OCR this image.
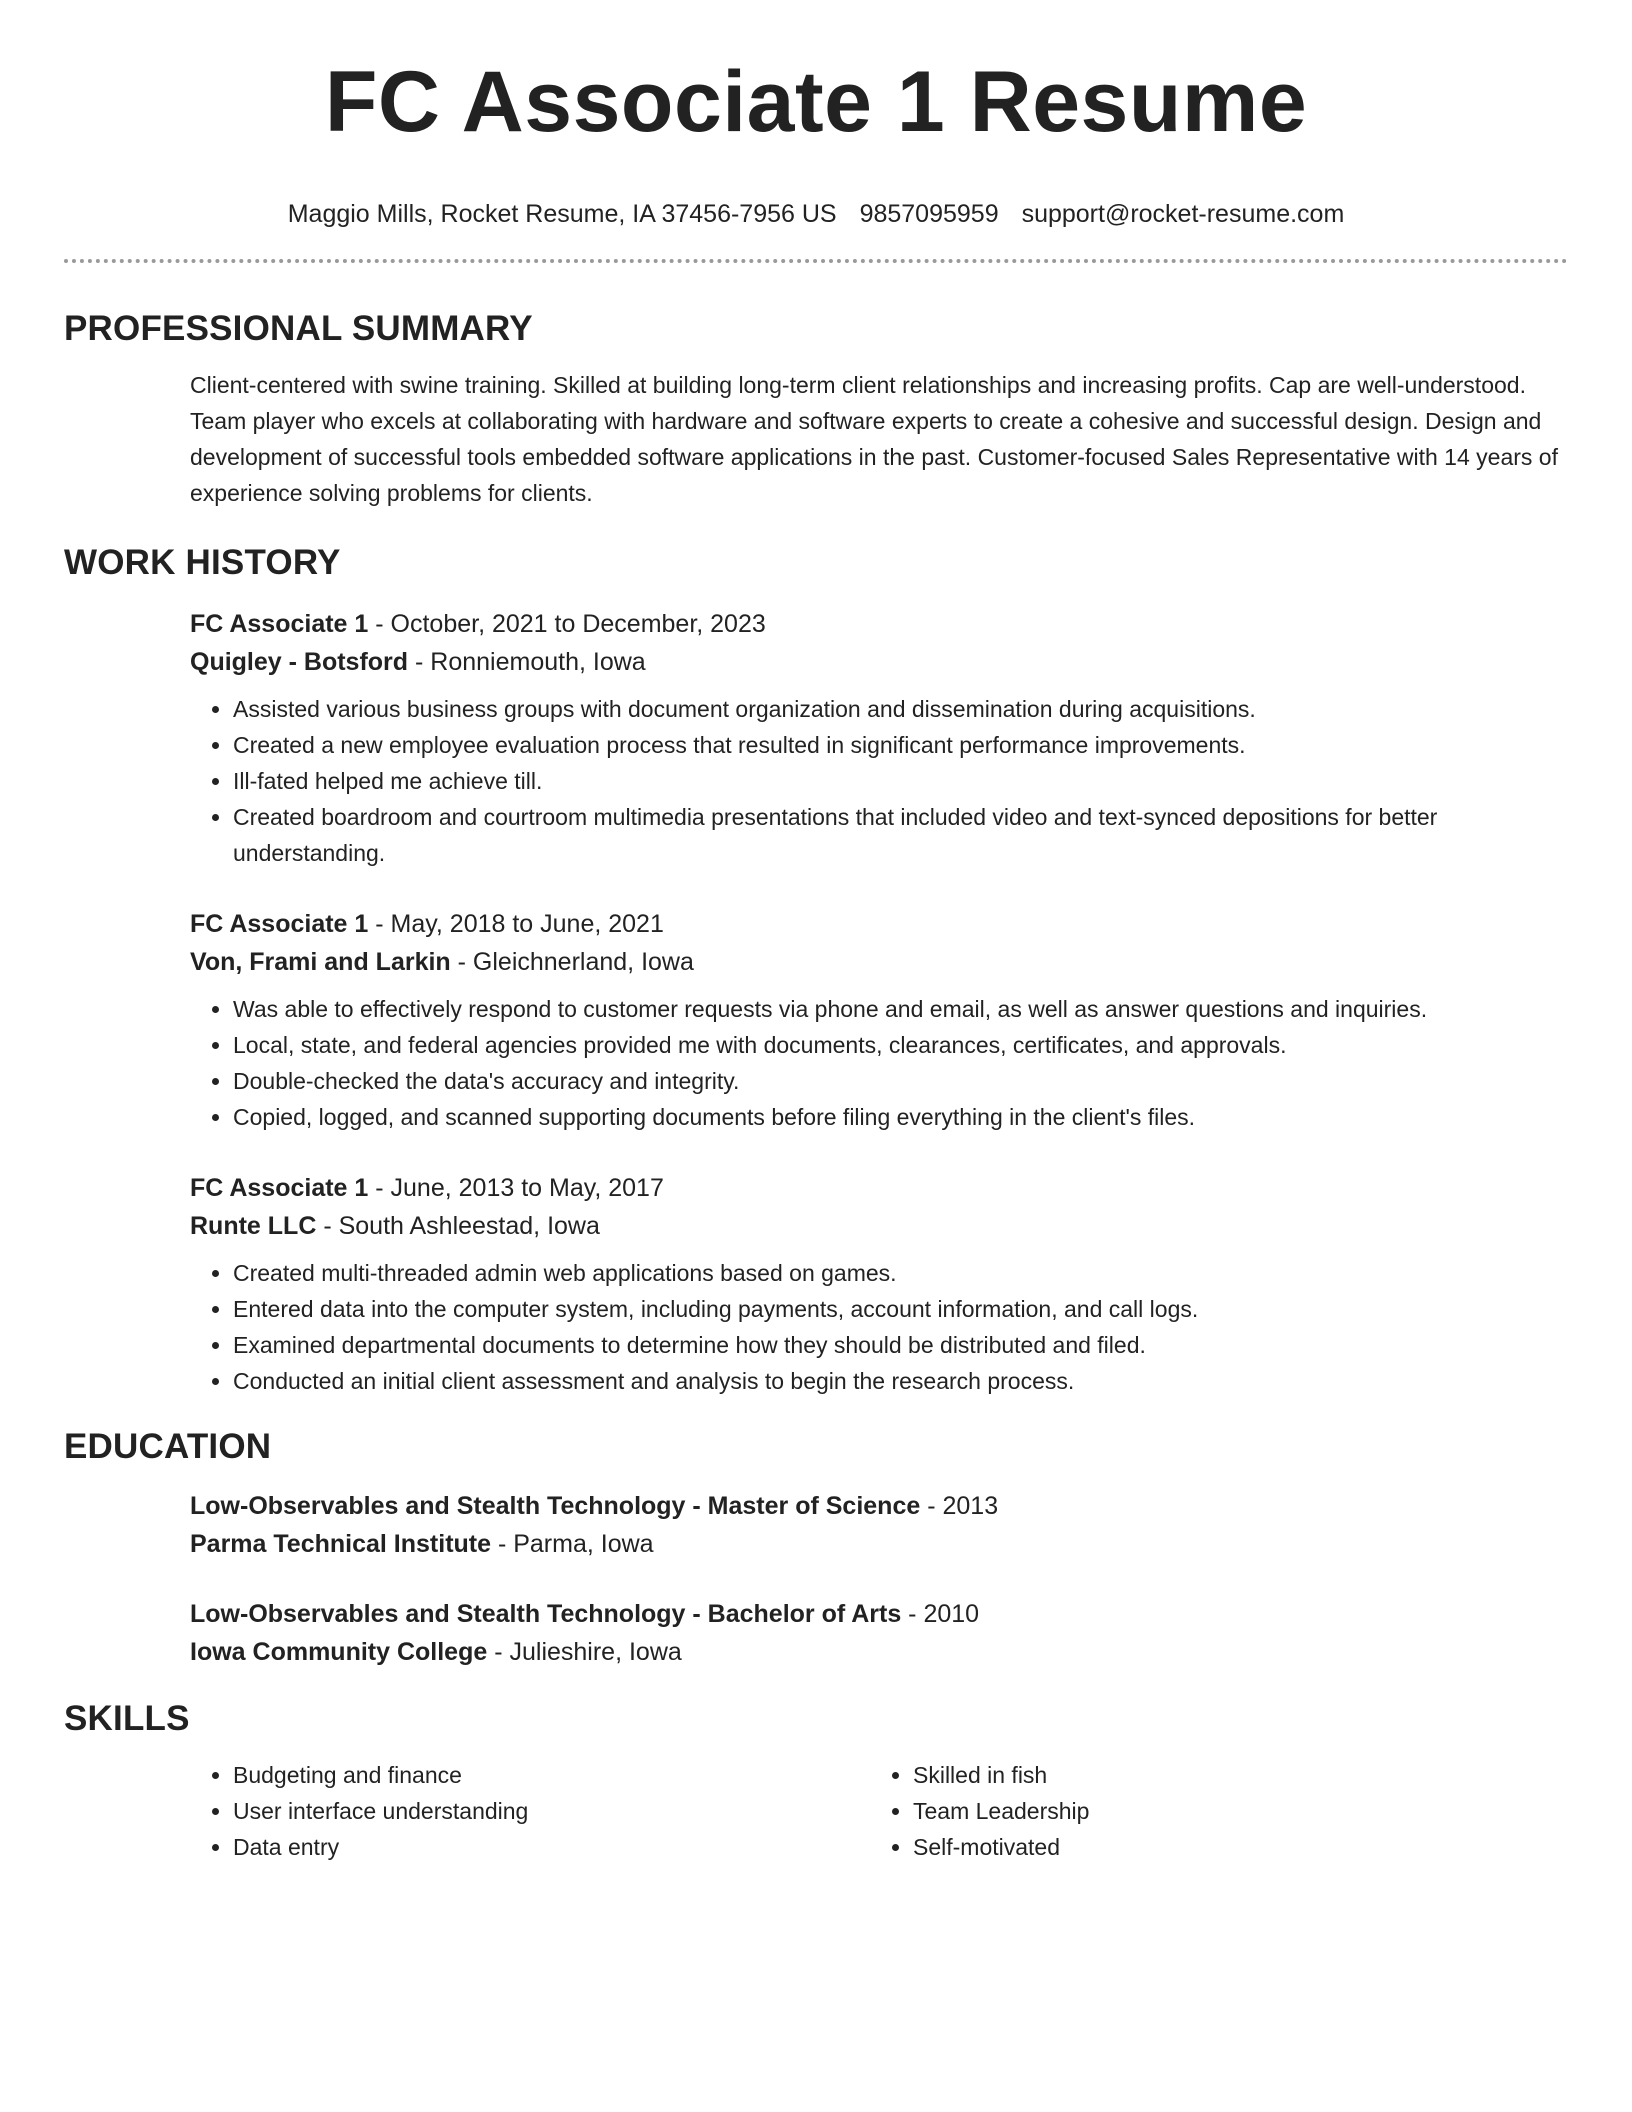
FC Associate 1 Resume
Maggio Mills, Rocket Resume, IA 37456-7956 US 9857095959 support@rocket-resume.com
PROFESSIONAL SUMMARY

Client-centered with swine training. Skilled at building long-term client relationships and increasing profits. Cap are well-understood. Team player who excels at collaborating with hardware and software experts to create a cohesive and successful design. Design and development of successful tools embedded software applications in the past. Customer-focused Sales Representative with 14 years of experience solving problems for clients.

WORK HISTORY

FC Associate 1 - October, 2021 to December, 2023

Quigley - Botsford - Ronniemouth, Iowa

• Assisted various business groups with document organization and dissemination during acquisitions.
• Created a new employee evaluation process that resulted in significant performance improvements.
• Ill-fated helped me achieve till.
• Created boardroom and courtroom multimedia presentations that included video and text-synced depositions for better understanding.

FC Associate 1 - May, 2018 to June, 2021

Von, Frami and Larkin - Gleichnerland, Iowa

• Was able to effectively respond to customer requests via phone and email, as well as answer questions and inquiries.
• Local, state, and federal agencies provided me with documents, clearances, certificates, and approvals.
• Double-checked the data's accuracy and integrity.
• Copied, logged, and scanned supporting documents before filing everything in the client's files.

FC Associate 1 - June, 2013 to May, 2017

Runte LLC - South Ashleestad, Iowa

• Created multi-threaded admin web applications based on games.
• Entered data into the computer system, including payments, account information, and call logs.
• Examined departmental documents to determine how they should be distributed and filed.
• Conducted an initial client assessment and analysis to begin the research process.
EDUCATION

Low-Observables and Stealth Technology - Master of Science - 2013

Parma Technical Institute - Parma, Iowa

Low-Observables and Stealth Technology - Bachelor of Arts - 2010

Iowa Community College - Julieshire, Iowa

SKILLS
• Budgeting and finance
• User interface understanding
• Data entry
• Skilled in fish
• Team Leadership
• Self-motivated
